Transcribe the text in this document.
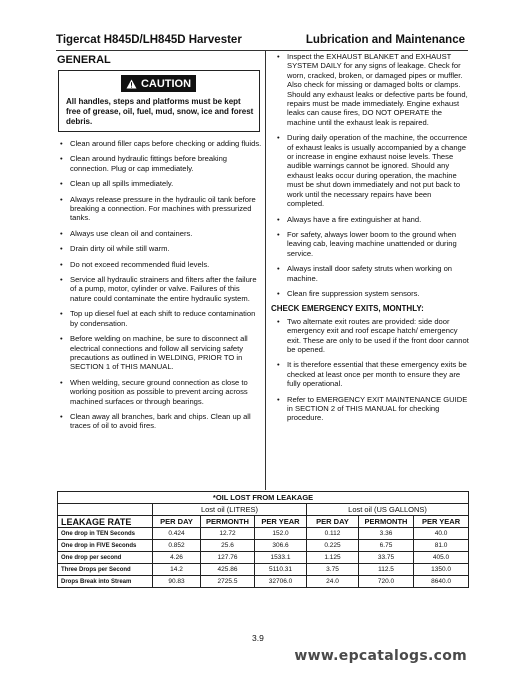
Tigercat H845D/LH845D Harvester	Lubrication and Maintenance
GENERAL
CAUTION
All handles, steps and platforms must be kept free of grease, oil, fuel, mud, snow, ice and forest debris.
• Clean around filler caps before checking or adding fluids.
• Clean around hydraulic fittings before breaking connection. Plug or cap immediately.
• Clean up all spills immediately.
• Always release pressure in the hydraulic oil tank before breaking a connection. For machines with pressurized tanks.
• Always use clean oil and containers.
• Drain dirty oil while still warm.
• Do not exceed recommended fluid levels.
• Service all hydraulic strainers and filters after the failure of a pump, motor, cylinder or valve. Failures of this nature could contaminate the entire hydraulic system.
• Top up diesel fuel at each shift to reduce contamination by condensation.
• Before welding on machine, be sure to disconnect all electrical connections and follow all servicing safety precautions as outlined in WELDING, PRIOR TO in SECTION 1 of THIS MANUAL.
• When welding, secure ground connection as close to working position as possible to prevent arcing across machined surfaces or through bearings.
• Clean away all branches, bark and chips. Clean up all traces of oil to avoid fires.
• Inspect the EXHAUST BLANKET and EXHAUST SYSTEM DAILY for any signs of leakage. Check for worn, cracked, broken, or damaged pipes or muffler. Also check for missing or damaged bolts or clamps. Should any exhaust leaks or defective parts be found, repairs must be made immediately. Engine exhaust leaks can cause fires, DO NOT OPERATE the machine until the exhaust leak is repaired.
• During daily operation of the machine, the occurrence of exhaust leaks is usually accompanied by a change or increase in engine exhaust noise levels. These audible warnings cannot be ignored. Should any exhaust leaks occur during operation, the machine must be shut down immediately and not put back to work until the necessary repairs have been completed.
• Always have a fire extinguisher at hand.
• For safety, always lower boom to the ground when leaving cab, leaving machine unattended or during service.
• Always install door safety struts when working on machine.
• Clean fire suppression system sensors.
CHECK EMERGENCY EXITS, MONTHLY:
• Two alternate exit routes are provided: side door emergency exit and roof escape hatch/ emergency exit. These are only to be used if the front door cannot be opened.
• It is therefore essential that these emergency exits be checked at least once per month to ensure they are fully operational.
• Refer to EMERGENCY EXIT MAINTENANCE GUIDE in SECTION 2 of THIS MANUAL for checking procedure.
*OIL LOST FROM LEAKAGE						
	Lost oil (LITRES)			Lost oil (US GALLONS)		
LEAKAGE RATE	PER DAY	PERMONTH	PER YEAR	PER DAY	PERMONTH	PER YEAR
One drop in TEN Seconds	0.424	12.72	152.0	0.112	3.36	40.0
One drop in FIVE Seconds	0.852	25.6	306.6	0.225	6.75	81.0
One drop per second	4.26	127.76	1533.1	1.125	33.75	405.0
Three Drops per Second	14.2	425.86	5110.31	3.75	112.5	1350.0
Drops Break into Stream	90.83	2725.5	32706.0	24.0	720.0	8640.0
3.9
www.epcatalogs.com
